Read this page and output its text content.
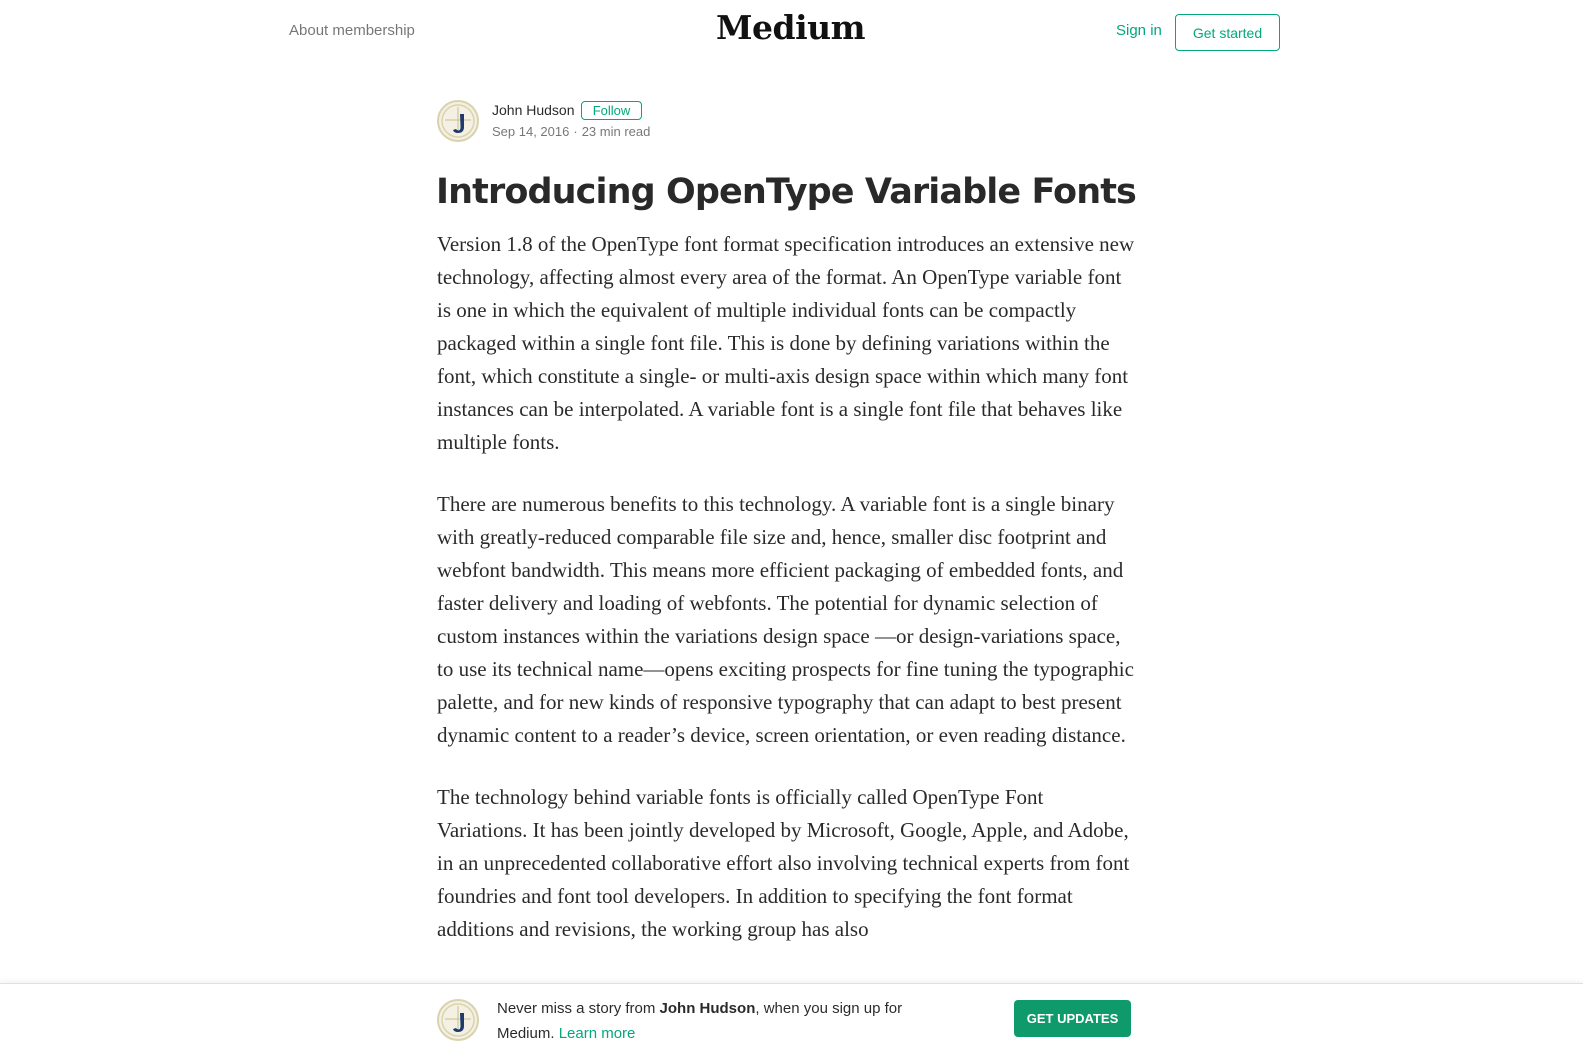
About membership	Medium	Sign in	Get started
John Hudson	Follow
Sep 14, 2016 · 23 min read
Introducing OpenType Variable Fonts

Version 1.8 of the OpenType font format specification introduces an extensive new technology, affecting almost every area of the format. An OpenType variable font is one in which the equivalent of multiple individual fonts can be compactly packaged within a single font file. This is done by defining variations within the font, which constitute a single- or multi-axis design space within which many font instances can be interpolated. A variable font is a single font file that behaves like multiple fonts.

There are numerous benefits to this technology. A variable font is a single binary with greatly-reduced comparable file size and, hence, smaller disc footprint and webfont bandwidth. This means more efficient packaging of embedded fonts, and faster delivery and loading of webfonts. The potential for dynamic selection of custom instances within the variations design space —or design-variations space, to use its technical name—opens exciting prospects for fine tuning the typographic palette, and for new kinds of responsive typography that can adapt to best present dynamic content to a reader’s device, screen orientation, or even reading distance.

The technology behind variable fonts is officially called OpenType Font Variations. It has been jointly developed by Microsoft, Google, Apple, and Adobe, in an unprecedented collaborative effort also involving technical experts from font foundries and font tool developers. In addition to specifying the font format additions and revisions, the working group has also

Never miss a story from John Hudson, when you sign up for Medium. Learn more
GET UPDATES
